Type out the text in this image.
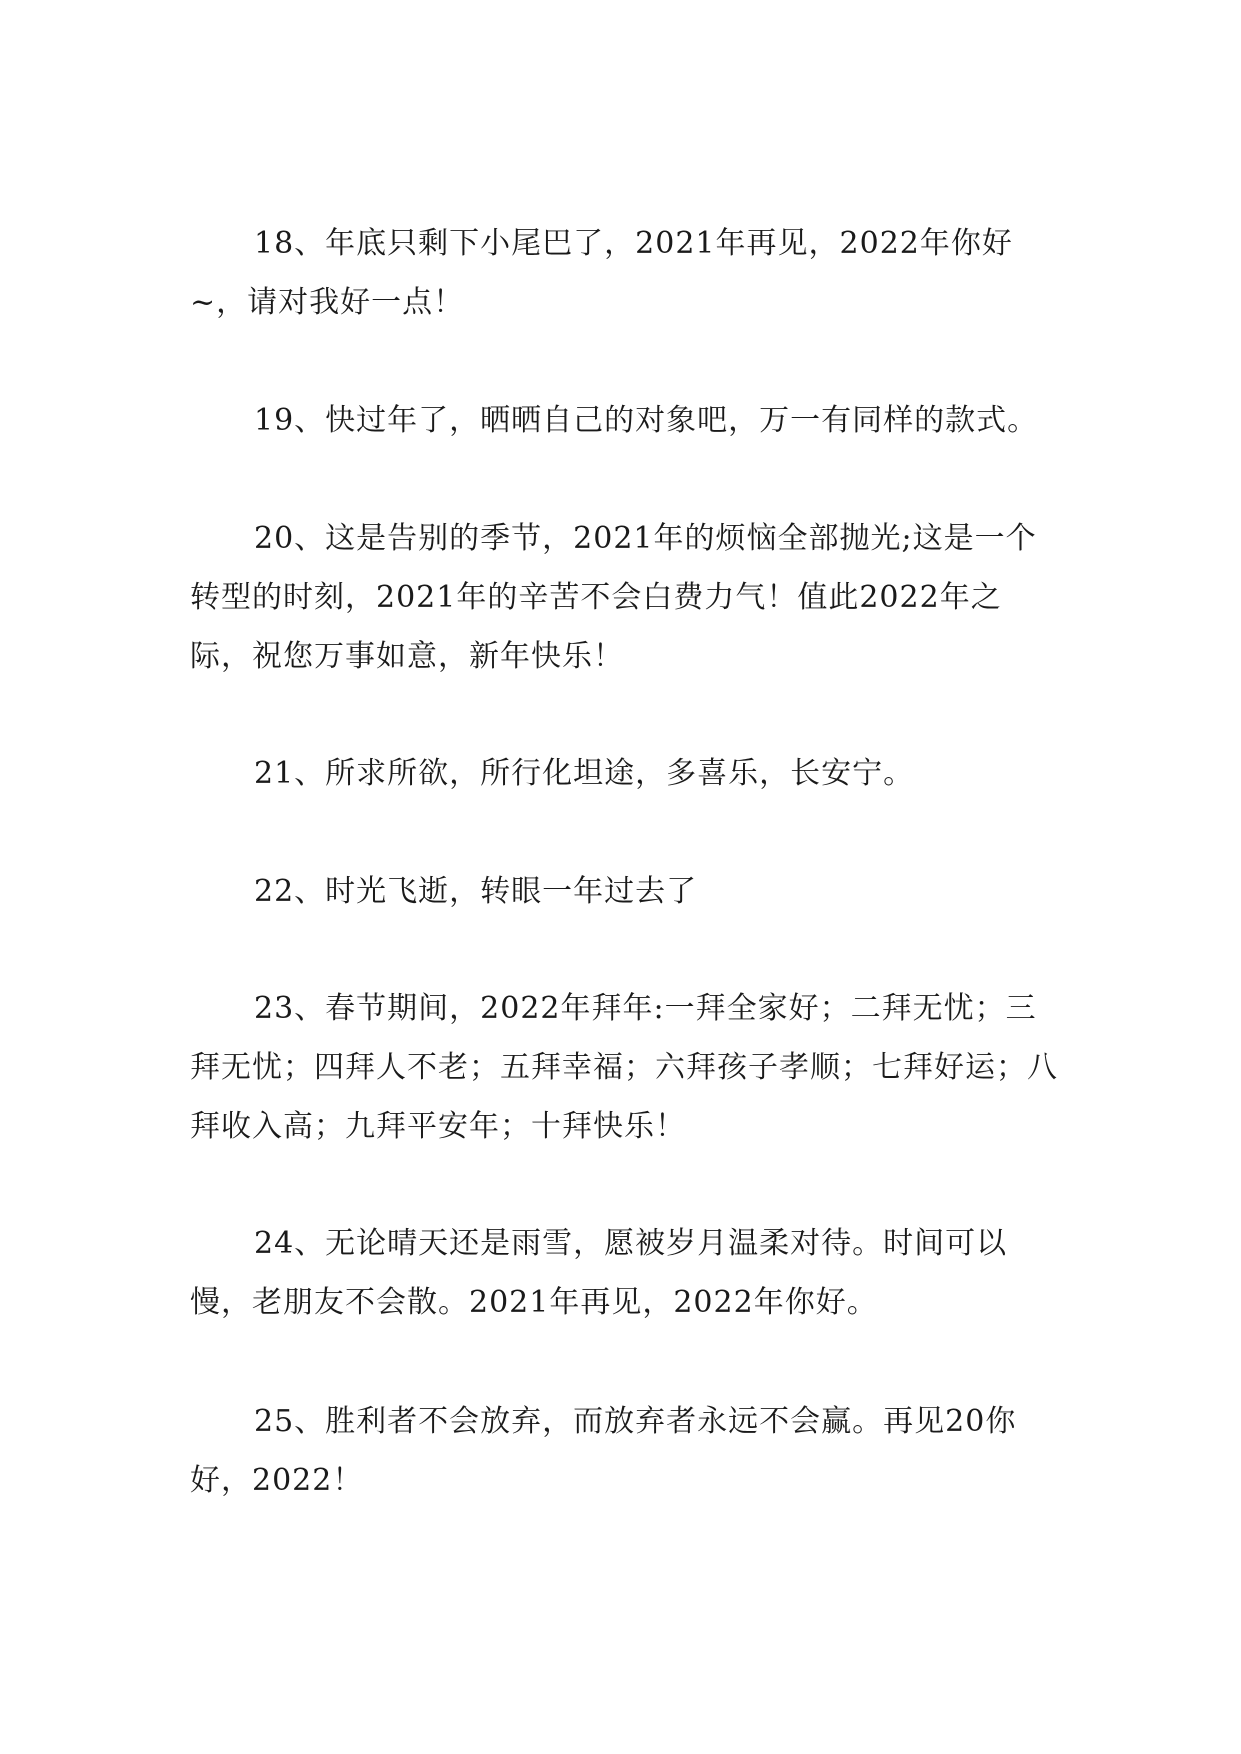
18、年底只剩下小尾巴了，2021年再见，2022年你好~，请对我好一点！

19、快过年了，晒晒自己的对象吧，万一有同样的款式。

20、这是告别的季节，2021年的烦恼全部抛光;这是一个转型的时刻，2021年的辛苦不会白费力气！值此2022年之际，祝您万事如意，新年快乐！

21、所求所欲，所行化坦途，多喜乐，长安宁。

22、时光飞逝，转眼一年过去了

23、春节期间，2022年拜年:一拜全家好；二拜无忧；三拜无忧；四拜人不老；五拜幸福；六拜孩子孝顺；七拜好运；八拜收入高；九拜平安年；十拜快乐！

24、无论晴天还是雨雪，愿被岁月温柔对待。时间可以慢，老朋友不会散。2021年再见，2022年你好。

25、胜利者不会放弃，而放弃者永远不会赢。再见20你好，2022！
